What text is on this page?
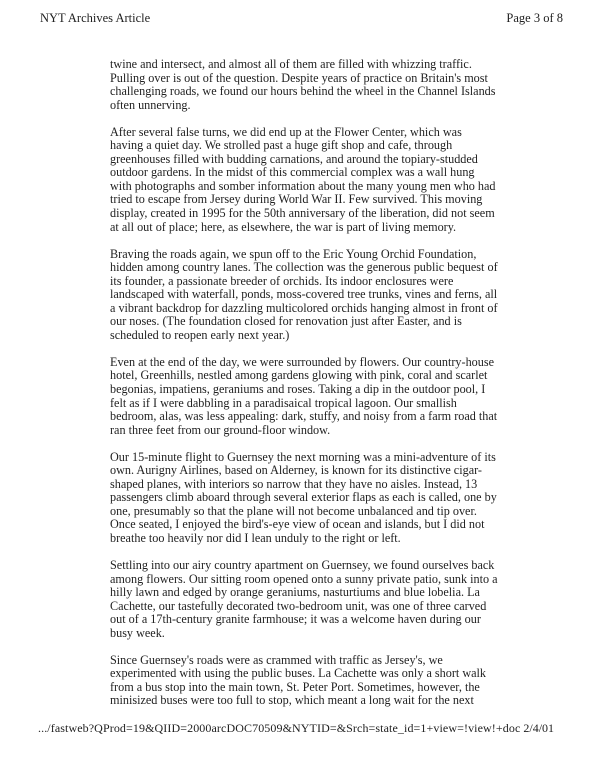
NYT Archives Article	Page 3 of 8

twine and intersect, and almost all of them are filled with whizzing traffic. Pulling over is out of the question. Despite years of practice on Britain's most challenging roads, we found our hours behind the wheel in the Channel Islands often unnerving.

After several false turns, we did end up at the Flower Center, which was having a quiet day. We strolled past a huge gift shop and cafe, through greenhouses filled with budding carnations, and around the topiary-studded outdoor gardens. In the midst of this commercial complex was a wall hung with photographs and somber information about the many young men who had tried to escape from Jersey during World War II. Few survived. This moving display, created in 1995 for the 50th anniversary of the liberation, did not seem at all out of place; here, as elsewhere, the war is part of living memory.

Braving the roads again, we spun off to the Eric Young Orchid Foundation, hidden among country lanes. The collection was the generous public bequest of its founder, a passionate breeder of orchids. Its indoor enclosures were landscaped with waterfall, ponds, moss-covered tree trunks, vines and ferns, all a vibrant backdrop for dazzling multicolored orchids hanging almost in front of our noses. (The foundation closed for renovation just after Easter, and is scheduled to reopen early next year.)

Even at the end of the day, we were surrounded by flowers. Our country-house hotel, Greenhills, nestled among gardens glowing with pink, coral and scarlet begonias, impatiens, geraniums and roses. Taking a dip in the outdoor pool, I felt as if I were dabbling in a paradisaical tropical lagoon. Our smallish bedroom, alas, was less appealing: dark, stuffy, and noisy from a farm road that ran three feet from our ground-floor window.

Our 15-minute flight to Guernsey the next morning was a mini-adventure of its own. Aurigny Airlines, based on Alderney, is known for its distinctive cigar-shaped planes, with interiors so narrow that they have no aisles. Instead, 13 passengers climb aboard through several exterior flaps as each is called, one by one, presumably so that the plane will not become unbalanced and tip over. Once seated, I enjoyed the bird's-eye view of ocean and islands, but I did not breathe too heavily nor did I lean unduly to the right or left.

Settling into our airy country apartment on Guernsey, we found ourselves back among flowers. Our sitting room opened onto a sunny private patio, sunk into a hilly lawn and edged by orange geraniums, nasturtiums and blue lobelia. La Cachette, our tastefully decorated two-bedroom unit, was one of three carved out of a 17th-century granite farmhouse; it was a welcome haven during our busy week.

Since Guernsey's roads were as crammed with traffic as Jersey's, we experimented with using the public buses. La Cachette was only a short walk from a bus stop into the main town, St. Peter Port. Sometimes, however, the minisized buses were too full to stop, which meant a long wait for the next

.../fastweb?QProd=19&QIID=2000arcDOC70509&NYTID=&Srch=state_id=1+view=!view!+doc 2/4/01
